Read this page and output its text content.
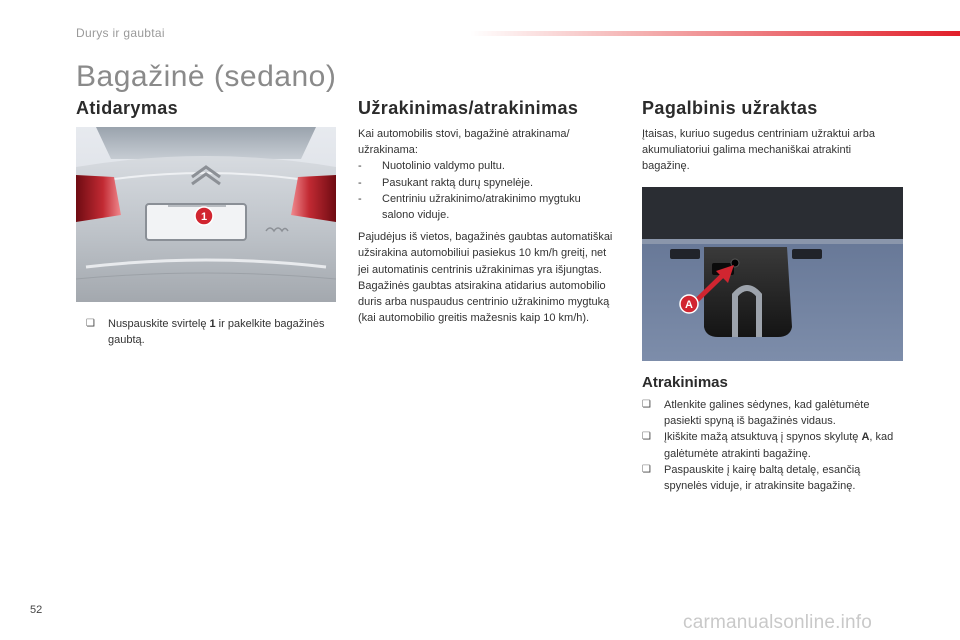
Durys ir gaubtai
Bagažinė (sedano)
Atidarymas
1
❏ Nuspauskite svirtelę 1 ir pakelkite bagažinės gaubtą.
Užrakinimas/atrakinimas

Kai automobilis stovi, bagažinė atrakinama/ užrakinama:

- Nuotolinio valdymo pultu.
- Pasukant raktą durų spynelėje.
- Centriniu užrakinimo/atrakinimo mygtuku salono viduje.

Pajudėjus iš vietos, bagažinės gaubtas automatiškai užsirakina automobiliui pasiekus 10 km/h greitį, net jei automatinis centrinis užrakinimas yra išjungtas. Bagažinės gaubtas atsirakina atidarius automobilio duris arba nuspaudus centrinio užrakinimo mygtuką (kai automobilio greitis mažesnis kaip 10 km/h).

Pagalbinis užraktas
Įtaisas, kuriuo sugedus centriniam užraktui arba akumuliatoriui galima mechaniškai atrakinti bagažinę.
A
Atrakinimas
❏ Atlenkite galines sėdynes, kad galėtumėte pasiekti spyną iš bagažinės vidaus.
❏ Įkiškite mažą atsuktuvą į spynos skylutę A, kad galėtumėte atrakinti bagažinę.
❏ Paspauskite į kairę baltą detalę, esančią spynelės viduje, ir atrakinsite bagažinę.
52
carmanualsonline.info
